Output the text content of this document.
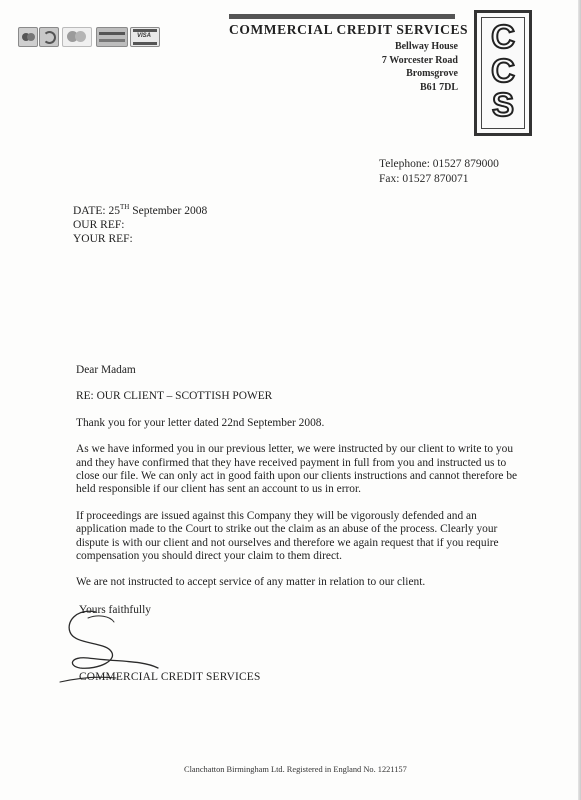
VISA	COMMERCIAL CREDIT SERVICES
Bellway House
7 Worcester Road
Bromsgrove
B61 7DL
C
C
S
Telephone: 01527 879000
Fax: 01527 870071
DATE: 25TH September 2008
OUR REF:
YOUR REF:

Dear Madam

RE: OUR CLIENT – SCOTTISH POWER

Thank you for your letter dated 22nd September 2008.

As we have informed you in our previous letter, we were instructed by our client to write to you and they have confirmed that they have received payment in full from you and instructed us to close our file. We can only act in good faith upon our clients instructions and cannot therefore be held responsible if our client has sent an account to us in error.

If proceedings are issued against this Company they will be vigorously defended and an application made to the Court to strike out the claim as an abuse of the process. Clearly your dispute is with our client and not ourselves and therefore we again request that if you require compensation you should direct your claim to them direct.

We are not instructed to accept service of any matter in relation to our client.

Yours faithfully
COMMERCIAL CREDIT SERVICES
Clanchatton Birmingham Ltd. Registered in England No. 1221157
